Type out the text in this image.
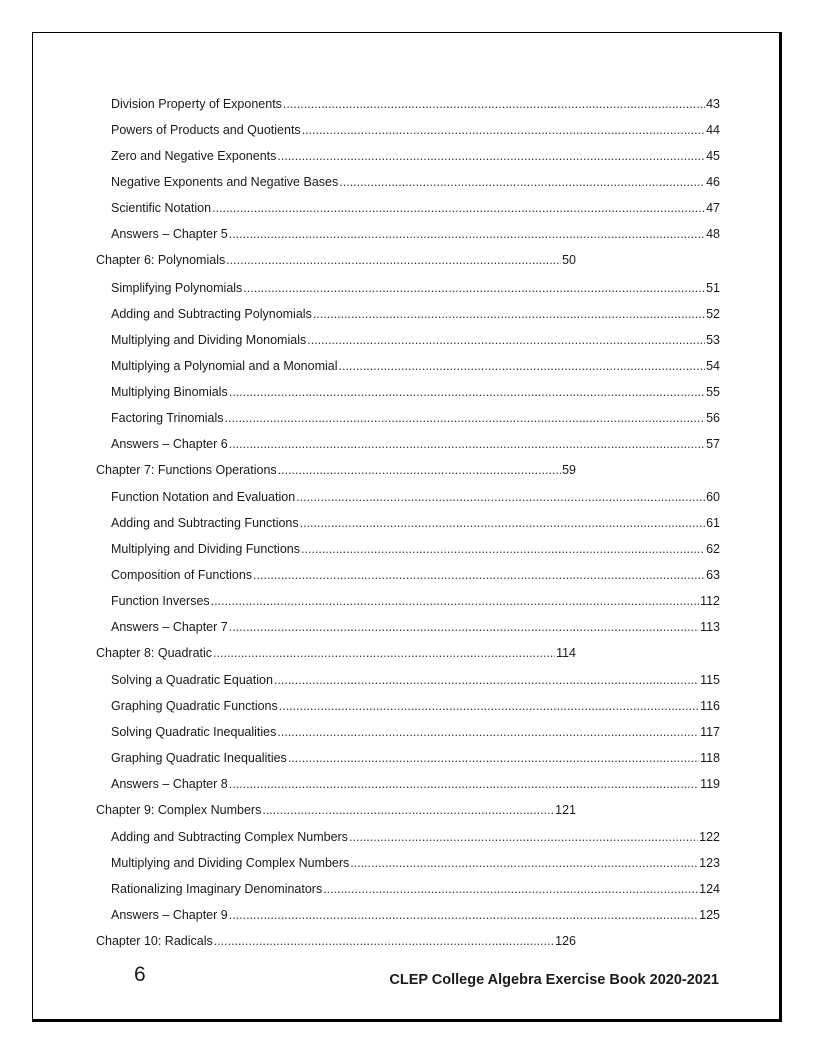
Division Property of Exponents .....	43
Powers of Products and Quotients .....	44
Zero and Negative Exponents .....	45
Negative Exponents and Negative Bases .....	46
Scientific Notation .....	47
Answers – Chapter 5 .....	48
Chapter 6: Polynomials .....	50
Simplifying Polynomials .....	51
Adding and Subtracting Polynomials .....	52
Multiplying and Dividing Monomials .....	53
Multiplying a Polynomial and a Monomial .....	54
Multiplying Binomials .....	55
Factoring Trinomials .....	56
Answers – Chapter 6 .....	57
Chapter 7: Functions Operations .....	59
Function Notation and Evaluation .....	60
Adding and Subtracting Functions .....	61
Multiplying and Dividing Functions .....	62
Composition of Functions .....	63
Function Inverses .....	112
Answers – Chapter 7 .....	113
Chapter 8: Quadratic .....	114
Solving a Quadratic Equation .....	115
Graphing Quadratic Functions .....	116
Solving Quadratic Inequalities .....	117
Graphing Quadratic Inequalities .....	118
Answers – Chapter 8 .....	119
Chapter 9: Complex Numbers .....	121
Adding and Subtracting Complex Numbers .....	122
Multiplying and Dividing Complex Numbers .....	123
Rationalizing Imaginary Denominators .....	124
Answers – Chapter 9 .....	125
Chapter 10: Radicals .....	126
6	CLEP College Algebra Exercise Book 2020-2021
